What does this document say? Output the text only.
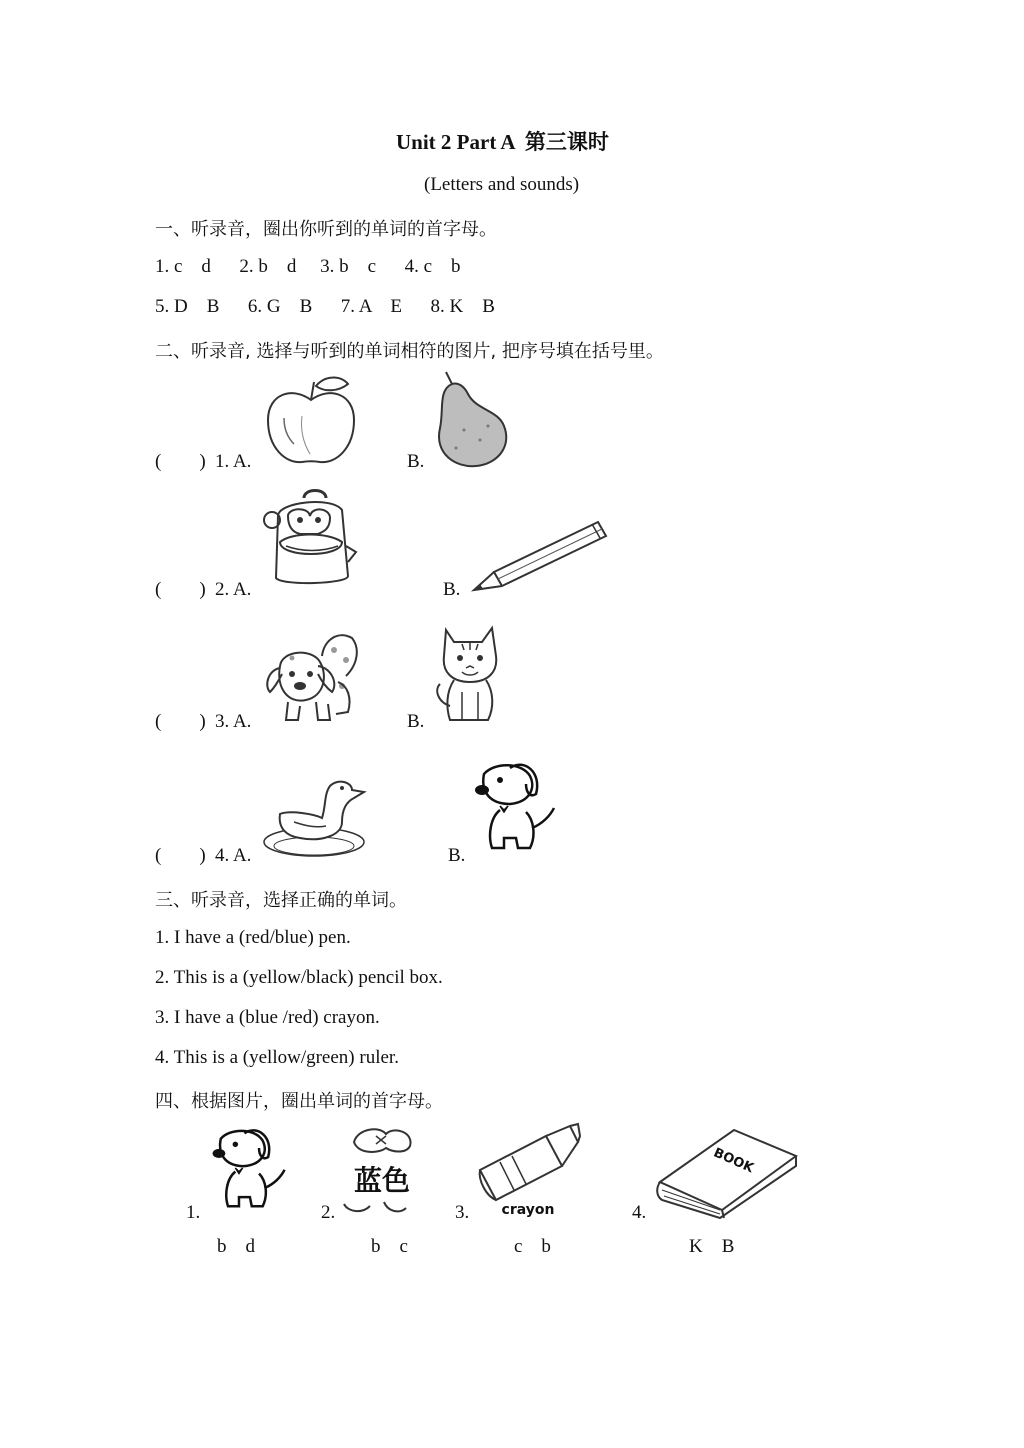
Unit 2 Part A  第三课时
(Letters and sounds)
一、听录音，圈出你听到的单词的首字母。
1. c    d      2. b    d     3. b    c      4. c    b
5. D    B      6. G    B      7. A    E      8. K    B
二、听录音, 选择与听到的单词相符的图片, 把序号填在括号里。
(        ) 1. A.	B.
(        ) 2. A.	B.
(        ) 3. A.	B.
(        ) 4. A.	B.
三、听录音，选择正确的单词。
1. I have a (red/blue) pen.
2. This is a (yellow/black) pencil box.
3. I have a (blue /red) crayon.
4. This is a (yellow/green) ruler.
四、根据图片，圈出单词的首字母。
1.
b    d
2.
蓝色
b    c
3. crayon
c    b
4.
BOOK
K    B
